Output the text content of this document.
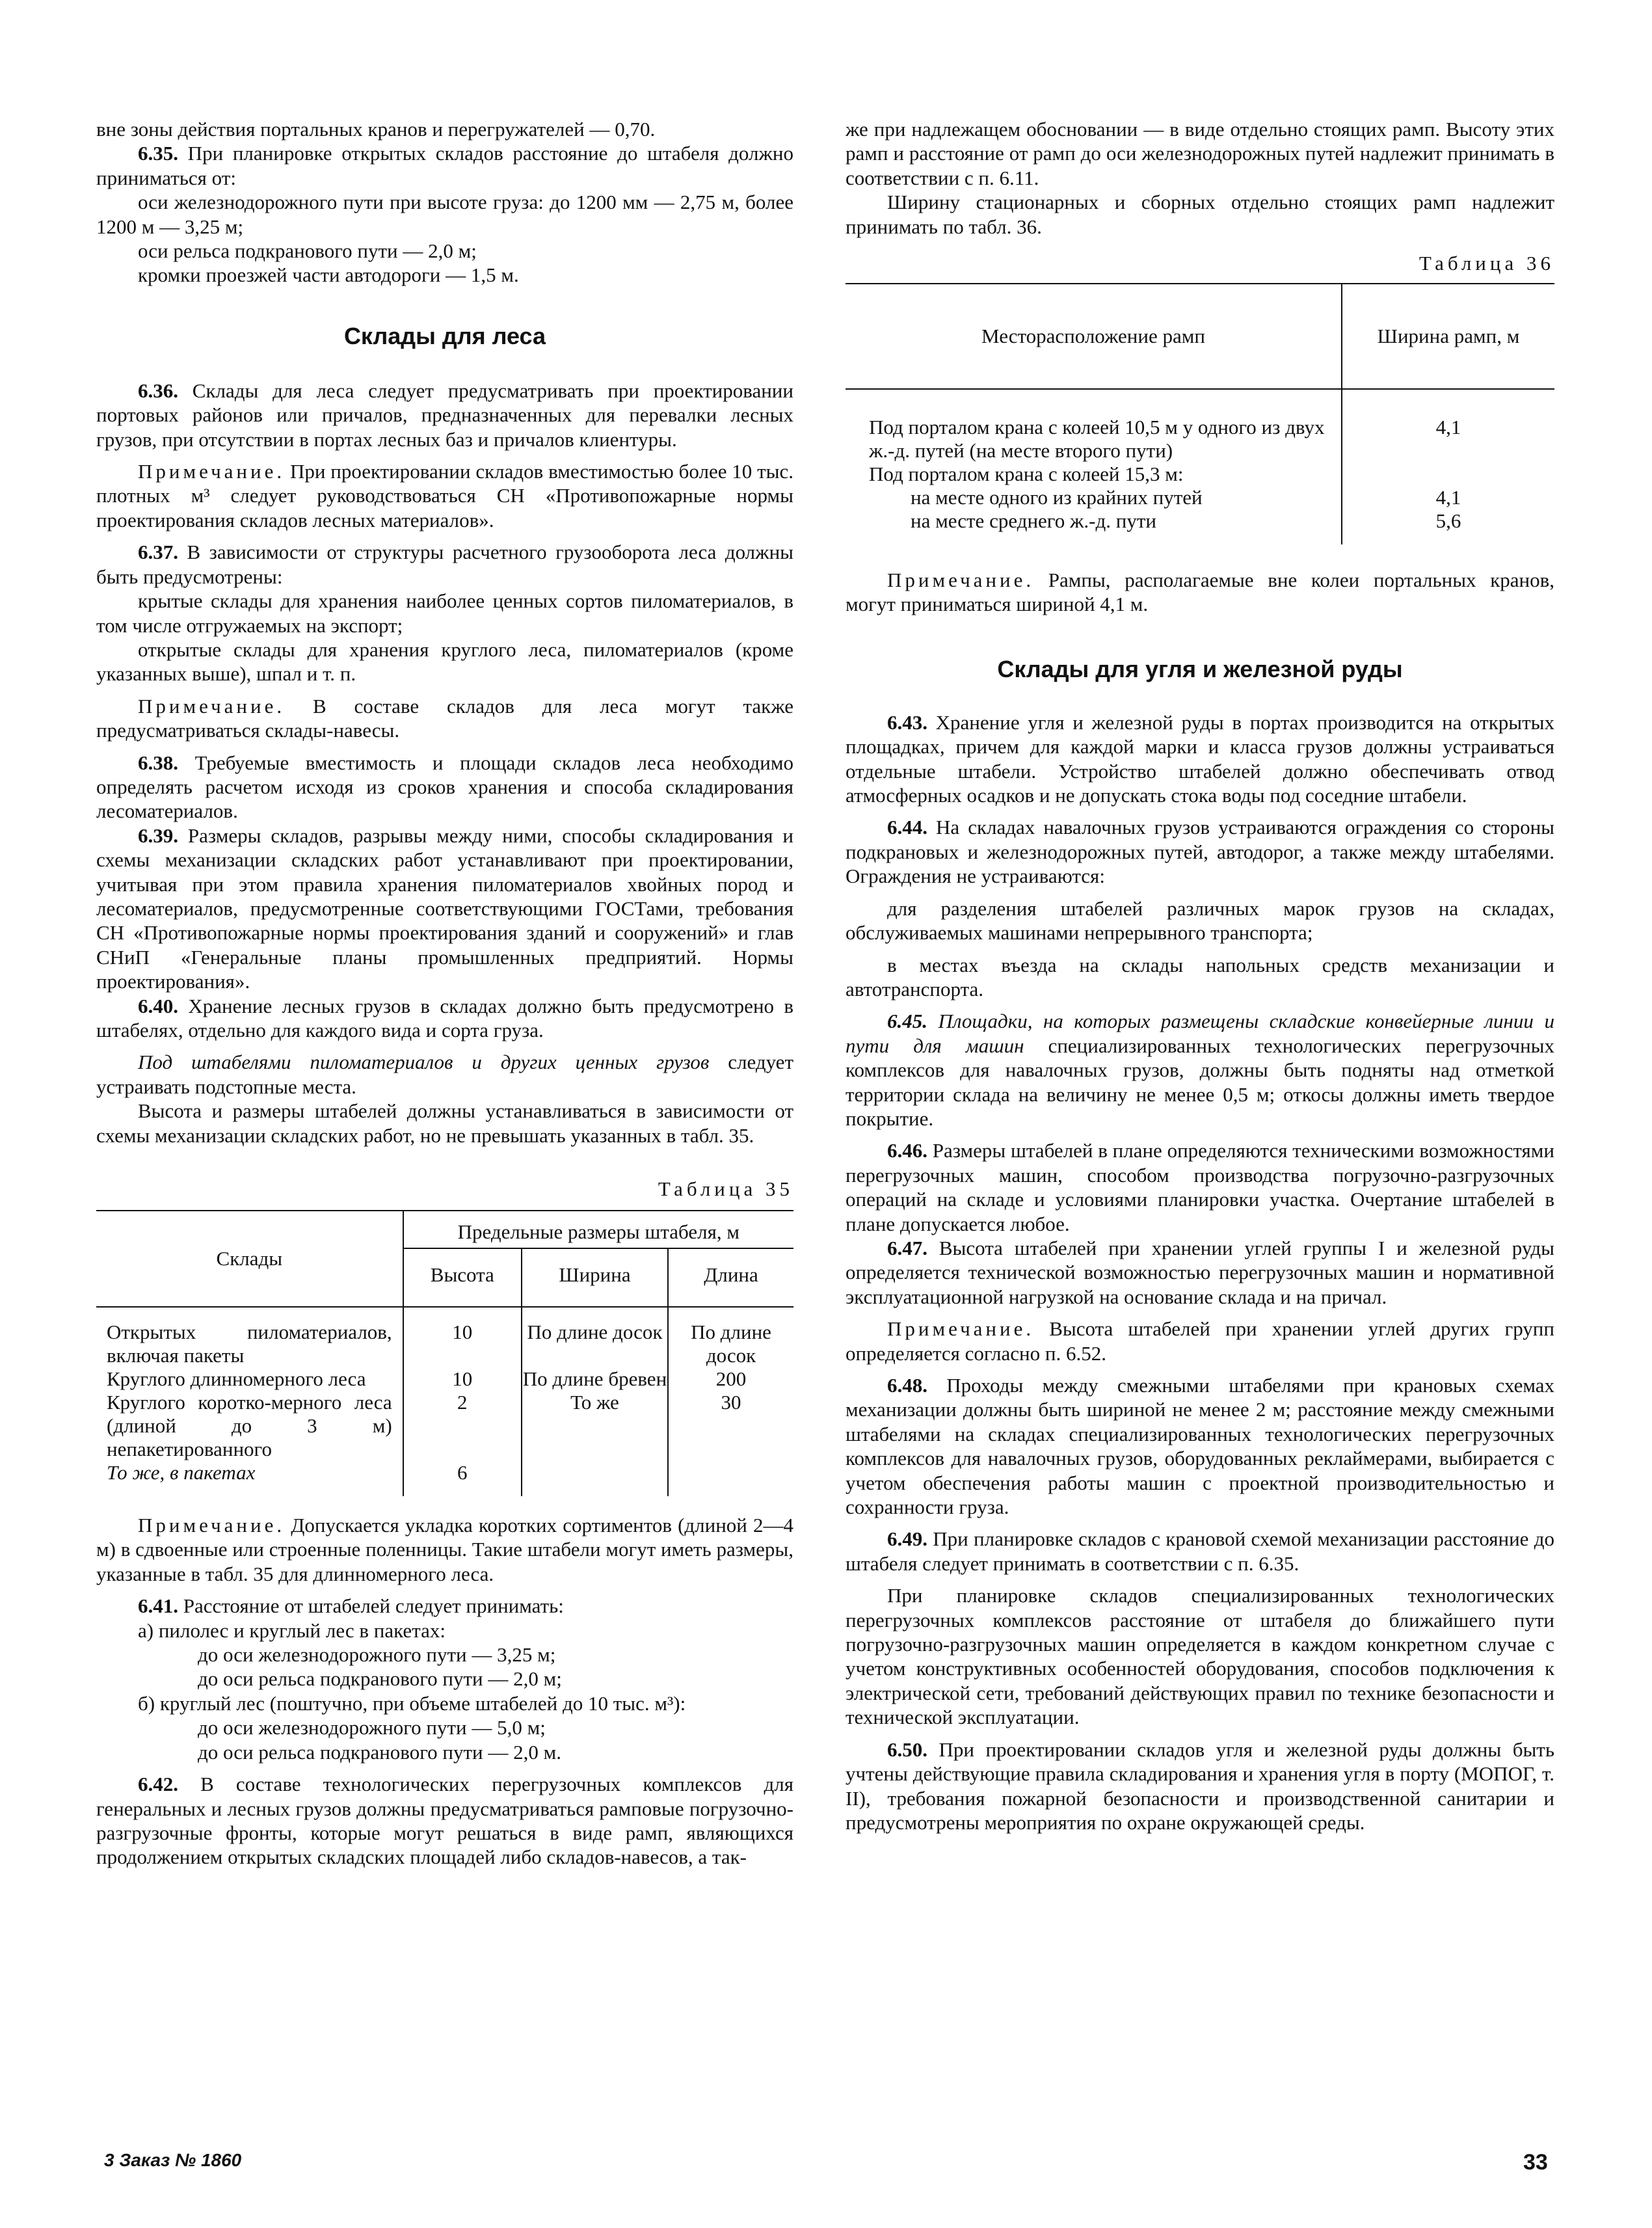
вне зоны действия портальных кранов и перегружателей — 0,70.

6.35. При планировке открытых складов расстояние до штабеля должно приниматься от:

оси железнодорожного пути при высоте груза: до 1200 мм — 2,75 м, более 1200 м — 3,25 м;

оси рельса подкранового пути — 2,0 м;

кромки проезжей части автодороги — 1,5 м.

Склады для леса

6.36. Склады для леса следует предусматривать при проектировании портовых районов или причалов, предназначенных для перевалки лесных грузов, при отсутствии в портах лесных баз и причалов клиентуры.

Примечание. При проектировании складов вместимостью более 10 тыс. плотных м³ следует руководствоваться СН «Противопожарные нормы проектирования складов лесных материалов».

6.37. В зависимости от структуры расчетного грузооборота леса должны быть предусмотрены:

крытые склады для хранения наиболее ценных сортов пиломатериалов, в том числе отгружаемых на экспорт;

открытые склады для хранения круглого леса, пиломатериалов (кроме указанных выше), шпал и т. п.

Примечание. В составе складов для леса могут также предусматриваться склады-навесы.

6.38. Требуемые вместимость и площади складов леса необходимо определять расчетом исходя из сроков хранения и способа складирования лесоматериалов.

6.39. Размеры складов, разрывы между ними, способы складирования и схемы механизации складских работ устанавливают при проектировании, учитывая при этом правила хранения пиломатериалов хвойных пород и лесоматериалов, предусмотренные соответствующими ГОСТами, требования СН «Противопожарные нормы проектирования зданий и сооружений» и глав СНиП «Генеральные планы промышленных предприятий. Нормы проектирования».

6.40. Хранение лесных грузов в складах должно быть предусмотрено в штабелях, отдельно для каждого вида и сорта груза.

Под штабелями пиломатериалов и других ценных грузов следует устраивать подстопные места.

Высота и размеры штабелей должны устанавливаться в зависимости от схемы механизации складских работ, но не превышать указанных в табл. 35.

Таблица 35
Склады	Предельные размеры штабеля, м		
	Высота	Ширина	Длина
Открытых пиломатериалов, включая пакеты	10	По длине досок	По длине досок
Круглого длинномерного леса	10	По длине бревен	200
Круглого коротко-мерного леса (длиной до 3 м) непакетированного	2	То же	30
То же, в пакетах	6		

Примечание. Допускается укладка коротких сортиментов (длиной 2—4 м) в сдвоенные или строенные поленницы. Такие штабели могут иметь размеры, указанные в табл. 35 для длинномерного леса.

6.41. Расстояние от штабелей следует принимать:

а) пилолес и круглый лес в пакетах:

до оси железнодорожного пути — 3,25 м;

до оси рельса подкранового пути — 2,0 м;

б) круглый лес (поштучно, при объеме штабелей до 10 тыс. м³):

до оси железнодорожного пути — 5,0 м;

до оси рельса подкранового пути — 2,0 м.

6.42. В составе технологических перегрузочных комплексов для генеральных и лесных грузов должны предусматриваться рамповые погрузочно-разгрузочные фронты, которые могут решаться в виде рамп, являющихся продолжением открытых складских площадей либо складов-навесов, а так-

3 Заказ № 1860

же при надлежащем обосновании — в виде отдельно стоящих рамп. Высоту этих рамп и расстояние от рамп до оси железнодорожных путей надлежит принимать в соответствии с п. 6.11.

Ширину стационарных и сборных отдельно стоящих рамп надлежит принимать по табл. 36.

Таблица 36
Месторасположение рамп	Ширина рамп, м
Под порталом крана с колеей 10,5 м у одного из двух ж.-д. путей (на месте второго пути)	4,1
Под порталом крана с колеей 15,3 м:	
на месте одного из крайних путей	4,1
на месте среднего ж.-д. пути	5,6

Примечание. Рампы, располагаемые вне колеи портальных кранов, могут приниматься шириной 4,1 м.

Склады для угля и железной руды

6.43. Хранение угля и железной руды в портах производится на открытых площадках, причем для каждой марки и класса грузов должны устраиваться отдельные штабели. Устройство штабелей должно обеспечивать отвод атмосферных осадков и не допускать стока воды под соседние штабели.

6.44. На складах навалочных грузов устраиваются ограждения со стороны подкрановых и железнодорожных путей, автодорог, а также между штабелями. Ограждения не устраиваются:

для разделения штабелей различных марок грузов на складах, обслуживаемых машинами непрерывного транспорта;

в местах въезда на склады напольных средств механизации и автотранспорта.

6.45. Площадки, на которых размещены складские конвейерные линии и пути для машин специализированных технологических перегрузочных комплексов для навалочных грузов, должны быть подняты над отметкой территории склада на величину не менее 0,5 м; откосы должны иметь твердое покрытие.

6.46. Размеры штабелей в плане определяются техническими возможностями перегрузочных машин, способом производства погрузочно-разгрузочных операций на складе и условиями планировки участка. Очертание штабелей в плане допускается любое.

6.47. Высота штабелей при хранении углей группы I и железной руды определяется технической возможностью перегрузочных машин и нормативной эксплуатационной нагрузкой на основание склада и на причал.

Примечание. Высота штабелей при хранении углей других групп определяется согласно п. 6.52.

6.48. Проходы между смежными штабелями при крановых схемах механизации должны быть шириной не менее 2 м; расстояние между смежными штабелями на складах специализированных технологических перегрузочных комплексов для навалочных грузов, оборудованных реклаймерами, выбирается с учетом обеспечения работы машин с проектной производительностью и сохранности груза.

6.49. При планировке складов с крановой схемой механизации расстояние до штабеля следует принимать в соответствии с п. 6.35.

При планировке складов специализированных технологических перегрузочных комплексов расстояние от штабеля до ближайшего пути погрузочно-разгрузочных машин определяется в каждом конкретном случае с учетом конструктивных особенностей оборудования, способов подключения к электрической сети, требований действующих правил по технике безопасности и технической эксплуатации.

6.50. При проектировании складов угля и железной руды должны быть учтены действующие правила складирования и хранения угля в порту (МОПОГ, т. II), требования пожарной безопасности и производственной санитарии и предусмотрены мероприятия по охране окружающей среды.

33
